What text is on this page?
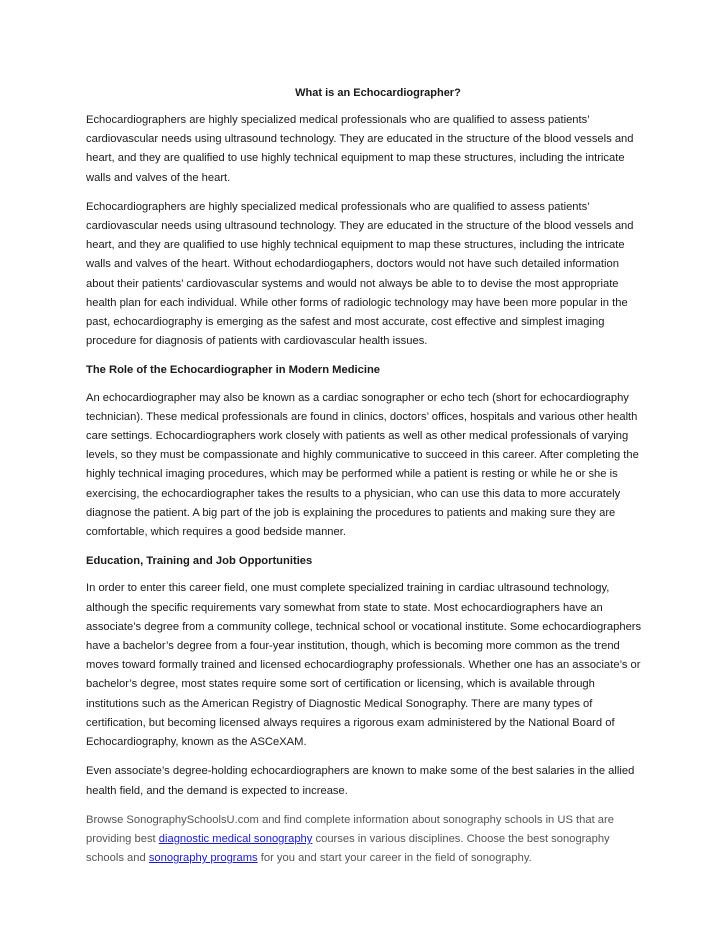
What is an Echocardiographer?

Echocardiographers are highly specialized medical professionals who are qualified to assess patients’ cardiovascular needs using ultrasound technology. They are educated in the structure of the blood vessels and heart, and they are qualified to use highly technical equipment to map these structures, including the intricate walls and valves of the heart.

Echocardiographers are highly specialized medical professionals who are qualified to assess patients’ cardiovascular needs using ultrasound technology. They are educated in the structure of the blood vessels and heart, and they are qualified to use highly technical equipment to map these structures, including the intricate walls and valves of the heart. Without echodardiogaphers, doctors would not have such detailed information about their patients’ cardiovascular systems and would not always be able to to devise the most appropriate health plan for each individual. While other forms of radiologic technology may have been more popular in the past, echocardiography is emerging as the safest and most accurate, cost effective and simplest imaging procedure for diagnosis of patients with cardiovascular health issues.

The Role of the Echocardiographer in Modern Medicine

An echocardiographer may also be known as a cardiac sonographer or echo tech (short for echocardiography technician). These medical professionals are found in clinics, doctors’ offices, hospitals and various other health care settings. Echocardiographers work closely with patients as well as other medical professionals of varying levels, so they must be compassionate and highly communicative to succeed in this career. After completing the highly technical imaging procedures, which may be performed while a patient is resting or while he or she is exercising, the echocardiographer takes the results to a physician, who can use this data to more accurately diagnose the patient. A big part of the job is explaining the procedures to patients and making sure they are comfortable, which requires a good bedside manner.

Education, Training and Job Opportunities

In order to enter this career field, one must complete specialized training in cardiac ultrasound technology, although the specific requirements vary somewhat from state to state. Most echocardiographers have an associate’s degree from a community college, technical school or vocational institute. Some echocardiographers have a bachelor’s degree from a four-year institution, though, which is becoming more common as the trend moves toward formally trained and licensed echocardiography professionals. Whether one has an associate’s or bachelor’s degree, most states require some sort of certification or licensing, which is available through institutions such as the American Registry of Diagnostic Medical Sonography. There are many types of certification, but becoming licensed always requires a rigorous exam administered by the National Board of Echocardiography, known as the ASCeXAM.

Even associate’s degree-holding echocardiographers are known to make some of the best salaries in the allied health field, and the demand is expected to increase.

Browse SonographySchoolsU.com and find complete information about sonography schools in US that are providing best diagnostic medical sonography courses in various disciplines. Choose the best sonography schools and sonography programs for you and start your career in the field of sonography.
